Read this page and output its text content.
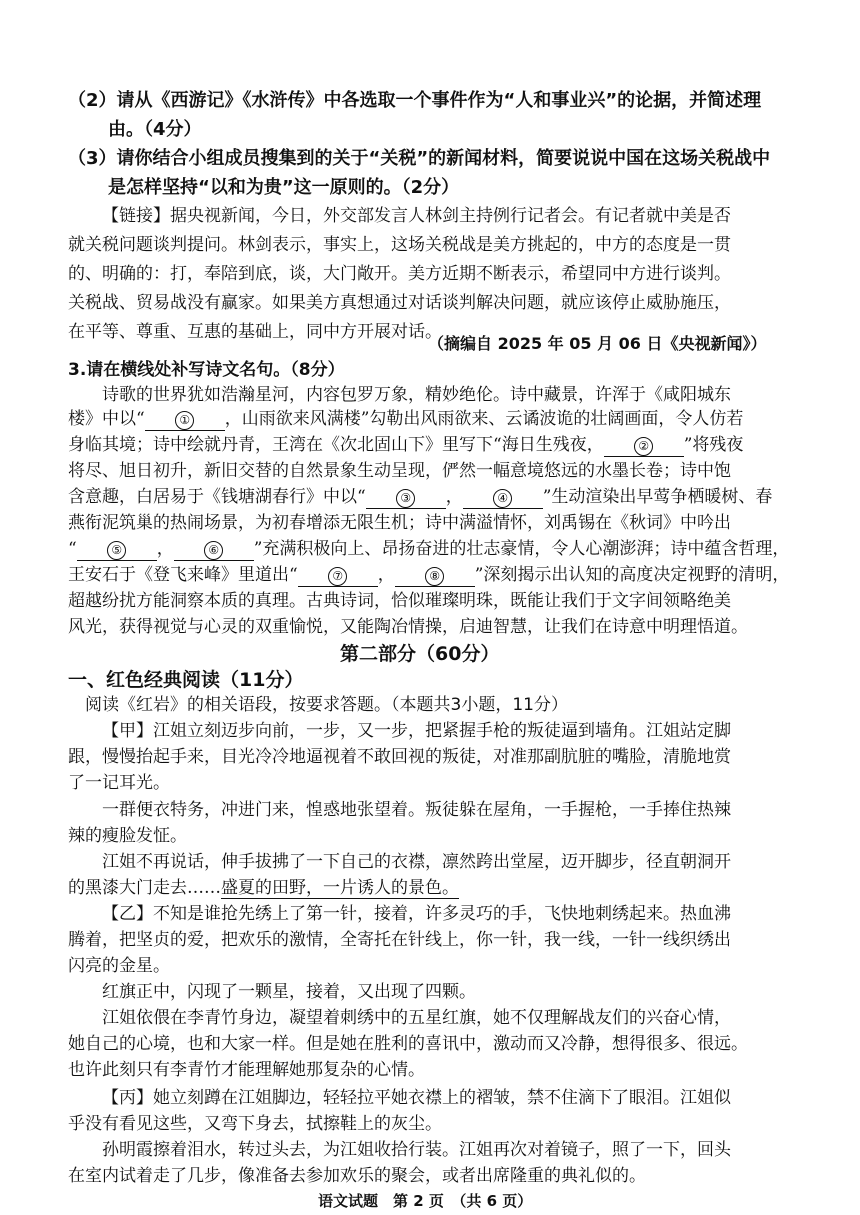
（2）请从《西游记》《水浒传》中各选取一个事件作为“人和事业兴”的论据，并简述理
由。（4分）
（3）请你结合小组成员搜集到的关于“关税”的新闻材料，简要说说中国在这场关税战中
是怎样坚持“以和为贵”这一原则的。（2分）
【链接】据央视新闻，今日，外交部发言人林剑主持例行记者会。有记者就中美是否
就关税问题谈判提问。林剑表示，事实上，这场关税战是美方挑起的，中方的态度是一贯
的、明确的：打，奉陪到底，谈，大门敞开。美方近期不断表示，希望同中方进行谈判。
关税战、贸易战没有赢家。如果美方真想通过对话谈判解决问题，就应该停止威胁施压，
在平等、尊重、互惠的基础上，同中方开展对话。
（摘编自 2025 年 05 月 06 日《央视新闻》）
3.请在横线处补写诗文名句。（8分）
诗歌的世界犹如浩瀚星河，内容包罗万象，精妙绝伦。诗中藏景，许浑于《咸阳城东
楼》中以“	① ，山雨欲来风满楼”勾勒出风雨欲来、云谲波诡的壮阔画面，令人仿若
身临其境；诗中绘就丹青，王湾在《次北固山下》里写下“海日生残夜，	② ”将残夜
将尽、旭日初升，新旧交替的自然景象生动呈现，俨然一幅意境悠远的水墨长卷；诗中饱
含意趣，白居易于《钱塘湖春行》中以“	③ ，	④ ”生动渲染出早莺争栖暖树、春
燕衔泥筑巢的热闹场景，为初春增添无限生机；诗中满溢情怀，刘禹锡在《秋词》中吟出
“	⑤ ，	⑥ ”充满积极向上、昂扬奋进的壮志豪情，令人心潮澎湃；诗中蕴含哲理，
王安石于《登飞来峰》里道出“	⑦ ，	⑧ ”深刻揭示出认知的高度决定视野的清明，
超越纷扰方能洞察本质的真理。古典诗词，恰似璀璨明珠，既能让我们于文字间领略绝美
风光，获得视觉与心灵的双重愉悦，又能陶冶情操，启迪智慧，让我们在诗意中明理悟道。
第二部分（60分）
一、红色经典阅读（11分）
阅读《红岩》的相关语段，按要求答题。（本题共3小题，11分）
【甲】江姐立刻迈步向前，一步，又一步，把紧握手枪的叛徒逼到墙角。江姐站定脚
跟，慢慢抬起手来，目光冷冷地逼视着不敢回视的叛徒，对准那副肮脏的嘴脸，清脆地赏
了一记耳光。
一群便衣特务，冲进门来，惶惑地张望着。叛徒躲在屋角，一手握枪，一手捧住热辣
辣的瘦脸发怔。
江姐不再说话，伸手拔拂了一下自己的衣襟，凛然跨出堂屋，迈开脚步，径直朝洞开
的黑漆大门走去……盛夏的田野，一片诱人的景色。
【乙】不知是谁抢先绣上了第一针，接着，许多灵巧的手，飞快地刺绣起来。热血沸
腾着，把坚贞的爱，把欢乐的激情，全寄托在针线上，你一针，我一线，一针一线织绣出
闪亮的金星。
红旗正中，闪现了一颗星，接着，又出现了四颗。
江姐依偎在李青竹身边，凝望着刺绣中的五星红旗，她不仅理解战友们的兴奋心情，
她自己的心境，也和大家一样。但是她在胜利的喜讯中，激动而又冷静，想得很多、很远。
也许此刻只有李青竹才能理解她那复杂的心情。
【丙】她立刻蹲在江姐脚边，轻轻拉平她衣襟上的褶皱，禁不住滴下了眼泪。江姐似
乎没有看见这些，又弯下身去，拭擦鞋上的灰尘。
孙明霞擦着泪水，转过头去，为江姐收拾行装。江姐再次对着镜子，照了一下，回头
在室内试着走了几步，像准备去参加欢乐的聚会，或者出席隆重的典礼似的。
语文试题　第 2 页　（共 6 页）
